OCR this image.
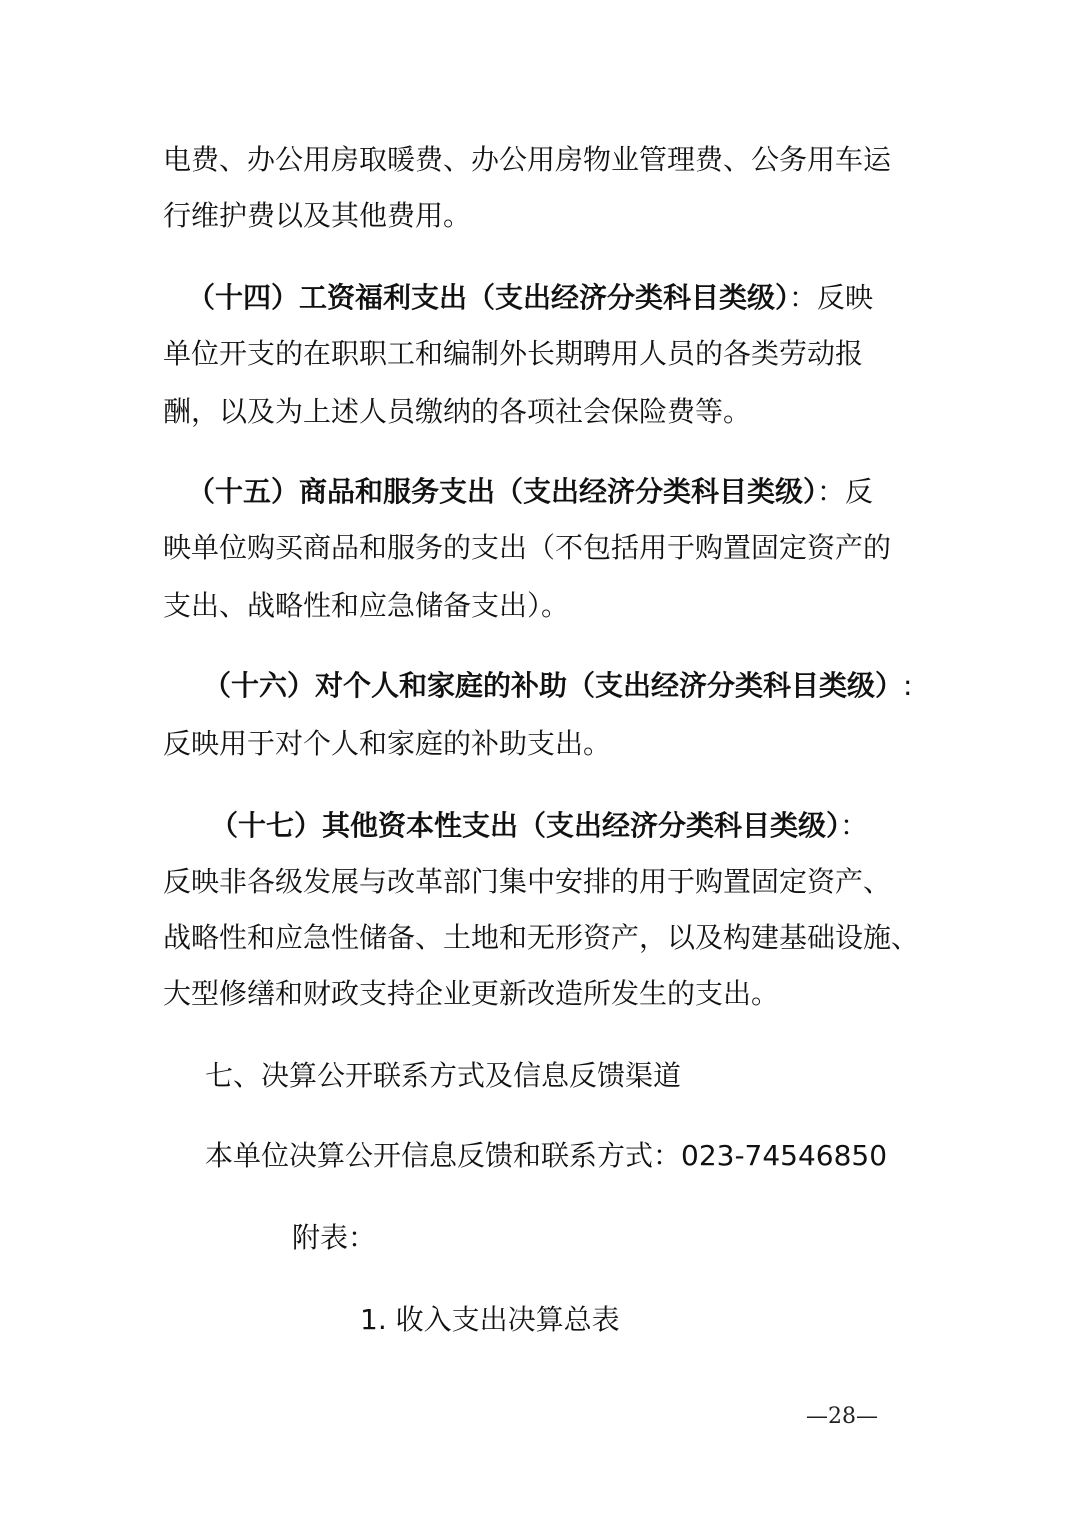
电费、办公用房取暖费、办公用房物业管理费、公务用车运
行维护费以及其他费用。
（十四）工资福利支出（支出经济分类科目类级）：反映
单位开支的在职职工和编制外长期聘用人员的各类劳动报
酬，以及为上述人员缴纳的各项社会保险费等。
（十五）商品和服务支出（支出经济分类科目类级）：反
映单位购买商品和服务的支出（不包括用于购置固定资产的
支出、战略性和应急储备支出）。
（十六）对个人和家庭的补助（支出经济分类科目类级）:
反映用于对个人和家庭的补助支出。
（十七）其他资本性支出（支出经济分类科目类级）：
反映非各级发展与改革部门集中安排的用于购置固定资产、
战略性和应急性储备、土地和无形资产，以及构建基础设施、
大型修缮和财政支持企业更新改造所发生的支出。
七、决算公开联系方式及信息反馈渠道
本单位决算公开信息反馈和联系方式：023-74546850
附表：
1. 收入支出决算总表
—28—
